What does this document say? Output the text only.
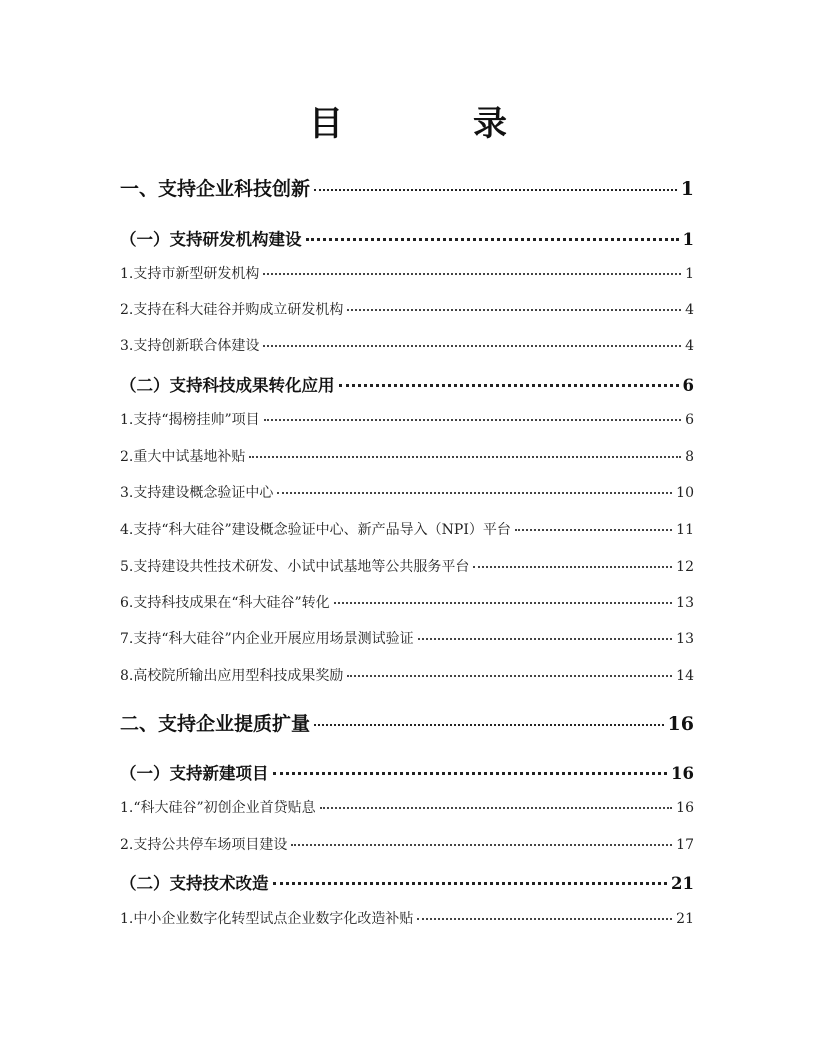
目　录
一、支持企业科技创新	1
（一）支持研发机构建设	1
1.支持市新型研发机构	1
2.支持在科大硅谷并购成立研发机构	4
3.支持创新联合体建设	4
（二）支持科技成果转化应用	6
1.支持“揭榜挂帅”项目	6
2.重大中试基地补贴	8
3.支持建设概念验证中心	10
4.支持“科大硅谷”建设概念验证中心、新产品导入（NPI）平台	11
5.支持建设共性技术研发、小试中试基地等公共服务平台	12
6.支持科技成果在“科大硅谷”转化	13
7.支持“科大硅谷”内企业开展应用场景测试验证	13
8.高校院所输出应用型科技成果奖励	14
二、支持企业提质扩量	16
（一）支持新建项目	16
1.“科大硅谷”初创企业首贷贴息	16
2.支持公共停车场项目建设	17
（二）支持技术改造	21
1.中小企业数字化转型试点企业数字化改造补贴	21
